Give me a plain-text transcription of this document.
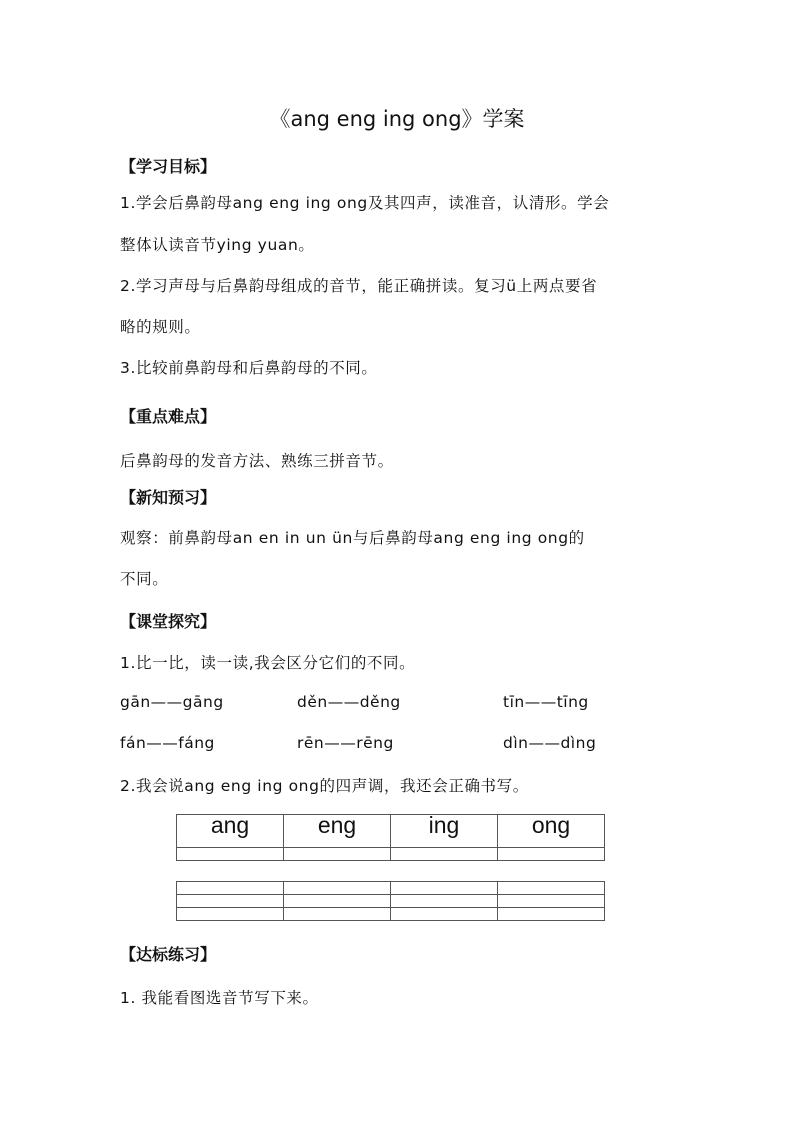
《ang eng ing ong》学案
【学习目标】
1.学会后鼻韵母ang eng ing ong及其四声，读准音，认清形。学会
整体认读音节ying yuan。
2.学习声母与后鼻韵母组成的音节，能正确拼读。复习ü上两点要省
略的规则。
3.比较前鼻韵母和后鼻韵母的不同。
【重点难点】
后鼻韵母的发音方法、熟练三拼音节。
【新知预习】
观察：前鼻韵母an en in un ün与后鼻韵母ang eng ing ong的
不同。
【课堂探究】
1.比一比，读一读,我会区分它们的不同。
gān——gāng	děn——děng	tīn——tīng
fán——fáng	rēn——rēng	dìn——dìng
2.我会说ang eng ing ong的四声调，我还会正确书写。
ang	eng	ing	ong

【达标练习】
1. 我能看图选音节写下来。
